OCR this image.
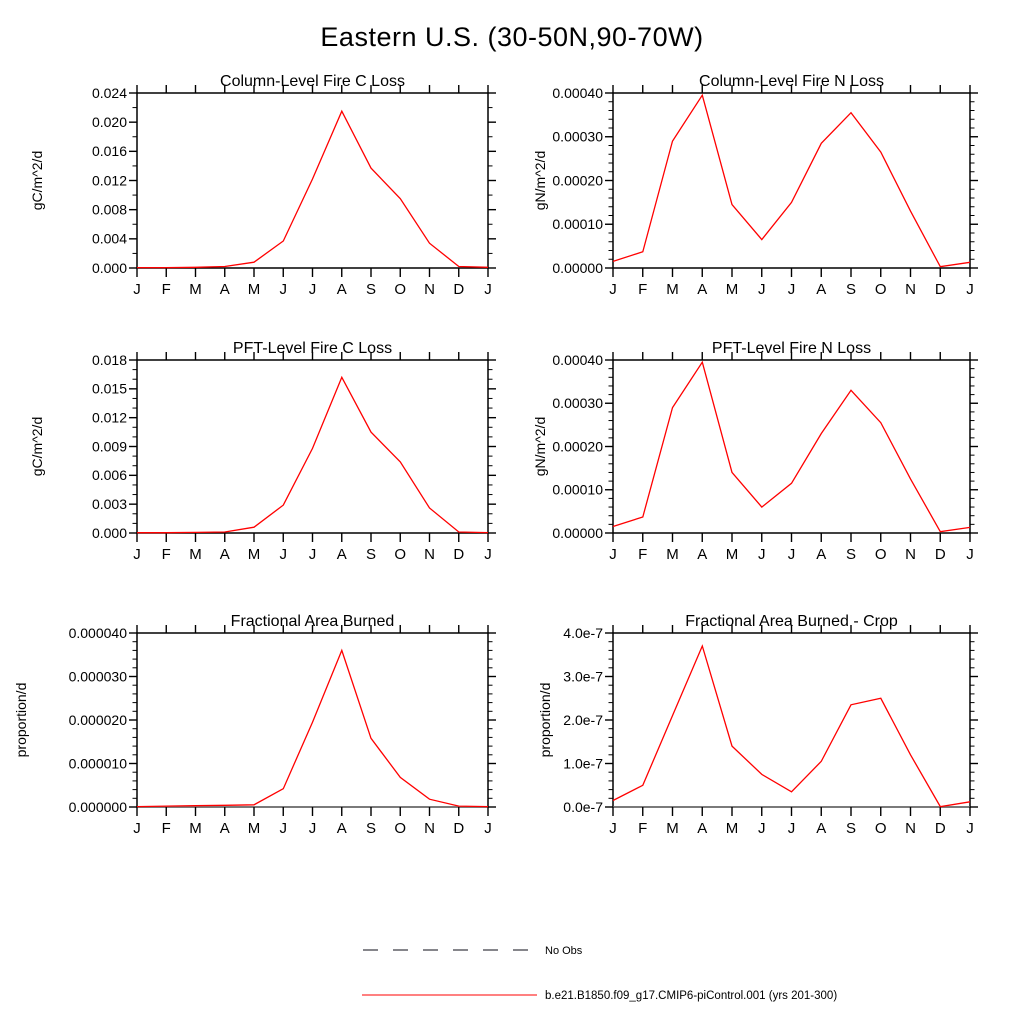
Eastern U.S. (30-50N,90-70W)
Column-Level Fire C Loss
0.000
0.004
0.008
0.012
0.016
0.020
0.024
J F M A M J J A S O N D J
gC/m^2/d
Column-Level Fire N Loss
0.00000
0.00010
0.00020
0.00030
0.00040
J F M A M J J A S O N D J
gN/m^2/d
PFT-Level Fire C Loss
0.000
0.003
0.006
0.009
0.012
0.015
0.018
J F M A M J J A S O N D J
gC/m^2/d
PFT-Level Fire N Loss
0.00000
0.00010
0.00020
0.00030
0.00040
J F M A M J J A S O N D J
gN/m^2/d
Fractional Area Burned
0.000000
0.000010
0.000020
0.000030
0.000040
J F M A M J J A S O N D J
proportion/d
Fractional Area Burned - Crop
0.0e-7
1.0e-7
2.0e-7
3.0e-7
4.0e-7
J F M A M J J A S O N D J
proportion/d
No Obs
b.e21.B1850.f09_g17.CMIP6-piControl.001 (yrs 201-300)
